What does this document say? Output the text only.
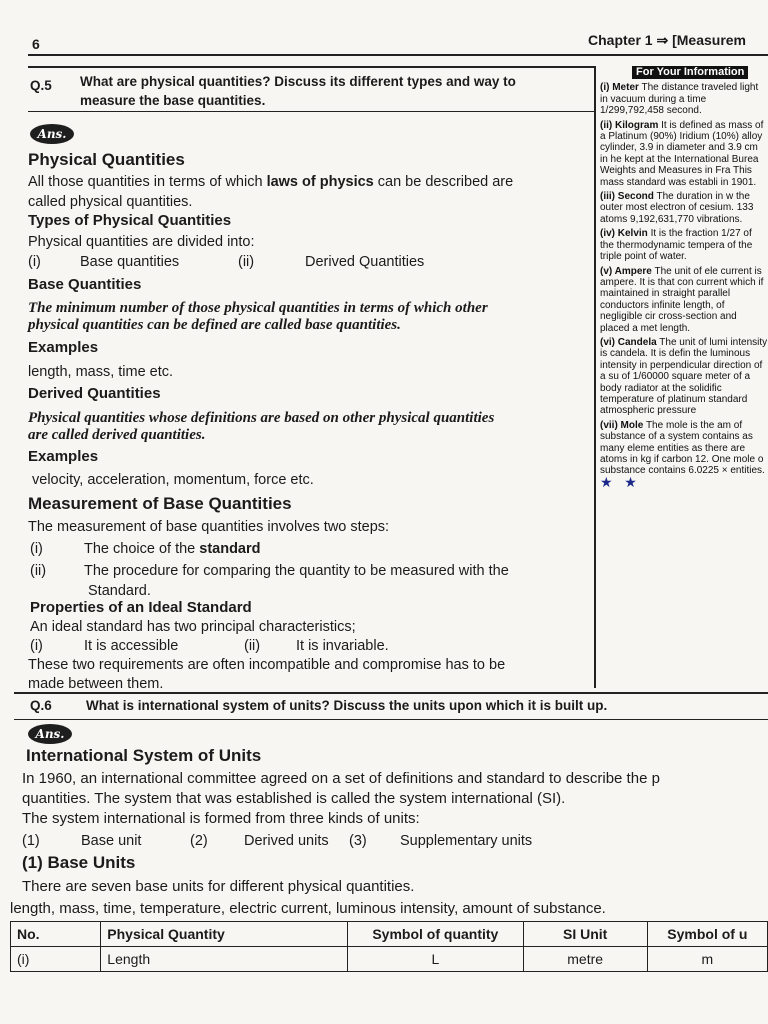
6	Chapter 1 ⇒ [Measurem
Q.5 What are physical quantities? Discuss its different types and way to
measure the base quantities.
Ans.
Physical Quantities
All those quantities in terms of which laws of physics can be described are
called physical quantities.
Types of Physical Quantities
Physical quantities are divided into:
(i)	Base quantities	(ii)	Derived Quantities
Base Quantities
The minimum number of those physical quantities in terms of which other
physical quantities can be defined are called base quantities.
Examples
length, mass, time etc.
Derived Quantities
Physical quantities whose definitions are based on other physical quantities
are called derived quantities.
Examples
velocity, acceleration, momentum, force etc.
Measurement of Base Quantities
The measurement of base quantities involves two steps:
(i)	The choice of the standard
(ii)	The procedure for comparing the quantity to be measured with the
Standard.
Properties of an Ideal Standard
An ideal standard has two principal characteristics;
(i)	It is accessible	(ii) It is invariable.
These two requirements are often incompatible and compromise has to be
made between them.
For Your Information

(i) Meter The distance traveled light in vacuum during a time 1/299,792,458 second.

(ii) Kilogram It is defined as mass of a Platinum (90%) Iridium (10%) alloy cylinder, 3.9 in diameter and 3.9 cm in he kept at the International Burea Weights and Measures in Fra This mass standard was establi in 1901.

(iii) Second The duration in w the outer most electron of cesium. 133 atoms 9,192,631,770 vibrations.

(iv) Kelvin It is the fraction 1/27 of the thermodynamic tempera of the triple point of water.

(v) Ampere The unit of ele current is ampere. It is that con current which if maintained in straight parallel conductors infinite length, of negligible cir cross-section and placed a met length.

(vi) Candela The unit of lumi intensity is candela. It is defin the luminous intensity in perpendicular direction of a su of 1/60000 square meter of a body radiator at the solidific temperature of platinum standard atmospheric pressure

(vii) Mole The mole is the am of substance of a system contains as many eleme entities as there are atoms in kg if carbon 12. One mole o substance contains 6.0225 × entities.

★   ★
Q.6	What is international system of units? Discuss the units upon which it is built up.
Ans.
International System of Units
In 1960, an international committee agreed on a set of definitions and standard to describe the p
quantities. The system that was established is called the system international (SI).
The system international is formed from three kinds of units:
(1)	Base unit	(2)	Derived units (3) Supplementary units
(1) Base Units
There are seven base units for different physical quantities.
length, mass, time, temperature, electric current, luminous intensity, amount of substance.
No.	Physical Quantity	Symbol of quantity	SI Unit	Symbol of u
(i)	Length	L	metre	m
